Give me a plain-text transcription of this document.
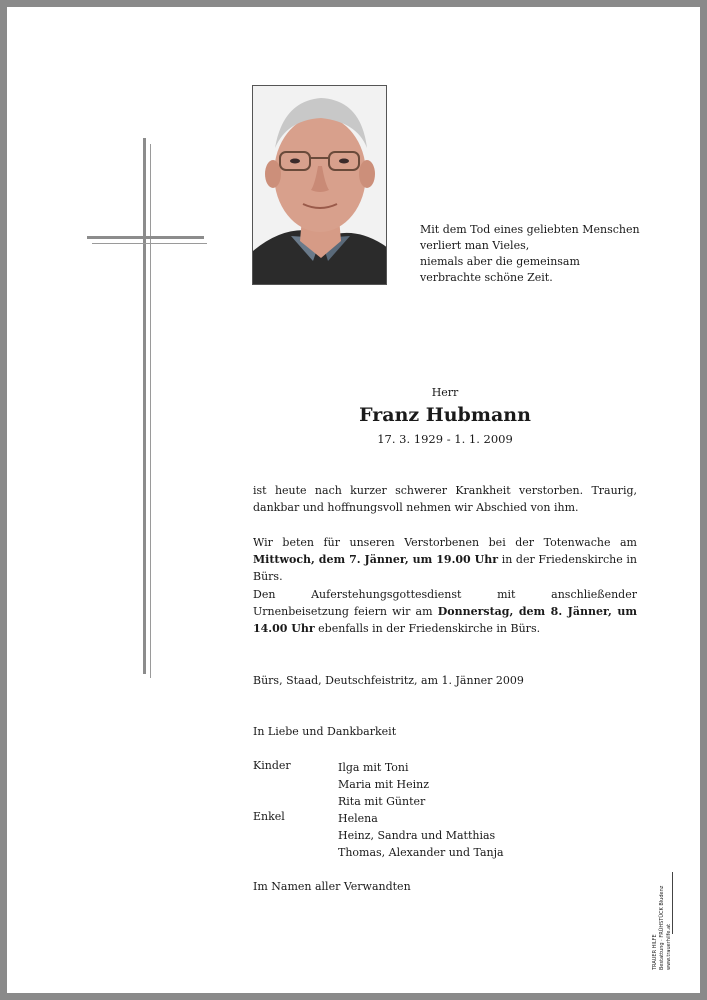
Mit dem Tod eines geliebten Menschen
verliert man Vieles,
niemals aber die gemeinsam
verbrachte schöne Zeit.
Herr
Franz Hubmann
17. 3. 1929 - 1. 1. 2009
ist heute nach kurzer schwerer Krankheit verstorben. Traurig, dankbar und hoffnungsvoll nehmen wir Abschied von ihm.
Wir beten für unseren Verstorbenen bei der Totenwache am Mittwoch, dem 7. Jänner, um 19.00 Uhr in der Friedenskirche in Bürs.
Den Auferstehungsgottesdienst mit anschließender Urnenbeisetzung feiern wir am Donnerstag, dem 8. Jänner, um 14.00 Uhr ebenfalls in der Friedenskirche in Bürs.
Bürs, Staad, Deutschfeistritz, am 1. Jänner 2009
In Liebe und Dankbarkeit
Kinder	Ilga mit Toni
Maria mit Heinz
Rita mit Günter
Enkel	Helena
Heinz, Sandra und Matthias
Thomas, Alexander und Tanja
Im Namen aller Verwandten
TRAUER HILFE Bestattung · FRÜHSTÜCK Bludenz www.trauerhilfe.at
